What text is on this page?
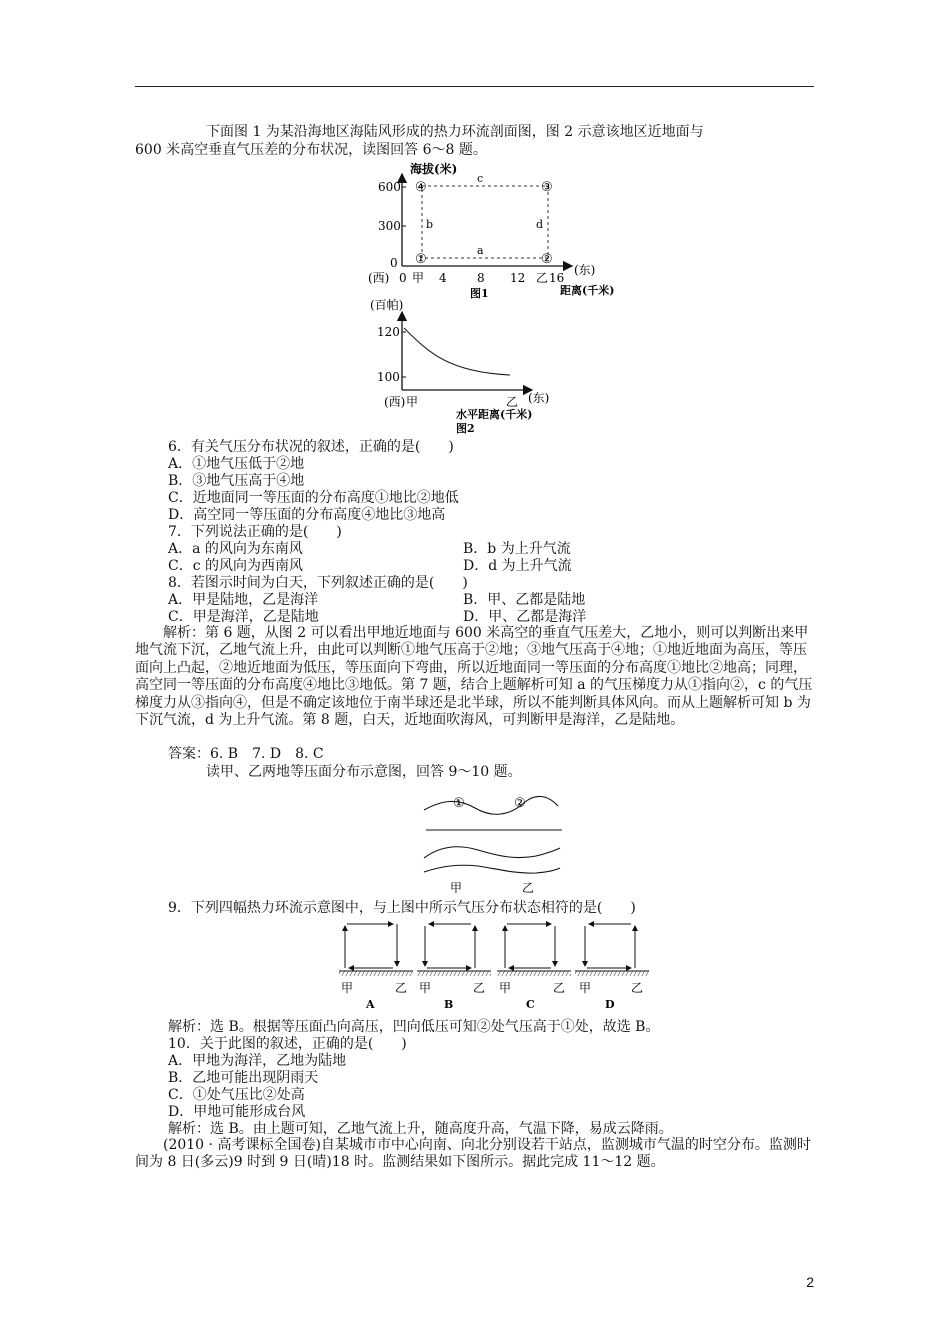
下面图 1 为某沿海地区海陆风形成的热力环流剖面图，图 2 示意该地区近地面与
600 米高空垂直气压差的分布状况，读图回答 6～8 题。
海拔(米)
600
300
0
④	③
①	②
c
b	d
a
(西) 0 甲 4	8 12 乙 16
(东)
距离(千米)
图1
(百帕)
120
100
(西) 甲	乙 (东)
水平距离(千米)
图2
6．有关气压分布状况的叙述，正确的是(　　)
A．①地气压低于②地
B．③地气压高于④地
C．近地面同一等压面的分布高度①地比②地低
D．高空同一等压面的分布高度④地比③地高
7．下列说法正确的是(　　)
A．a 的风向为东南风	B．b 为上升气流
C．c 的风向为西南风	D．d 为上升气流
8．若图示时间为白天，下列叙述正确的是(　　)
A．甲是陆地，乙是海洋	B．甲、乙都是陆地
C．甲是海洋，乙是陆地	D．甲、乙都是海洋
解析：第 6 题，从图 2 可以看出甲地近地面与 600 米高空的垂直气压差大，乙地小，则可以判断出来甲地气流下沉，乙地气流上升，由此可以判断①地气压高于②地；③地气压高于④地；①地近地面为高压，等压面向上凸起，②地近地面为低压，等压面向下弯曲，所以近地面同一等压面的分布高度①地比②地高；同理，高空同一等压面的分布高度④地比③地低。第 7 题，结合上题解析可知 a 的气压梯度力从①指向②，c 的气压梯度力从③指向④，但是不确定该地位于南半球还是北半球，所以不能判断具体风向。而从上题解析可知 b 为下沉气流，d 为上升气流。第 8 题，白天，近地面吹海风，可判断甲是海洋，乙是陆地。
答案：6. B　7. D　8. C
读甲、乙两地等压面分布示意图，回答 9～10 题。
①	②
甲	乙
9．下列四幅热力环流示意图中，与上图中所示气压分布状态相符的是(　　)
甲	乙
A
甲	乙
B
甲	乙
C
甲	乙
D
解析：选 B。根据等压面凸向高压，凹向低压可知②处气压高于①处，故选 B。
10．关于此图的叙述，正确的是(　　)
A．甲地为海洋，乙地为陆地
B．乙地可能出现阴雨天
C．①处气压比②处高
D．甲地可能形成台风
解析：选 B。由上题可知，乙地气流上升，随高度升高，气温下降，易成云降雨。
(2010 · 高考课标全国卷)自某城市市中心向南、向北分别设若干站点，监测城市气温的时空分布。监测时间为 8 日(多云)9 时到 9 日(晴)18 时。监测结果如下图所示。据此完成 11～12 题。
2
